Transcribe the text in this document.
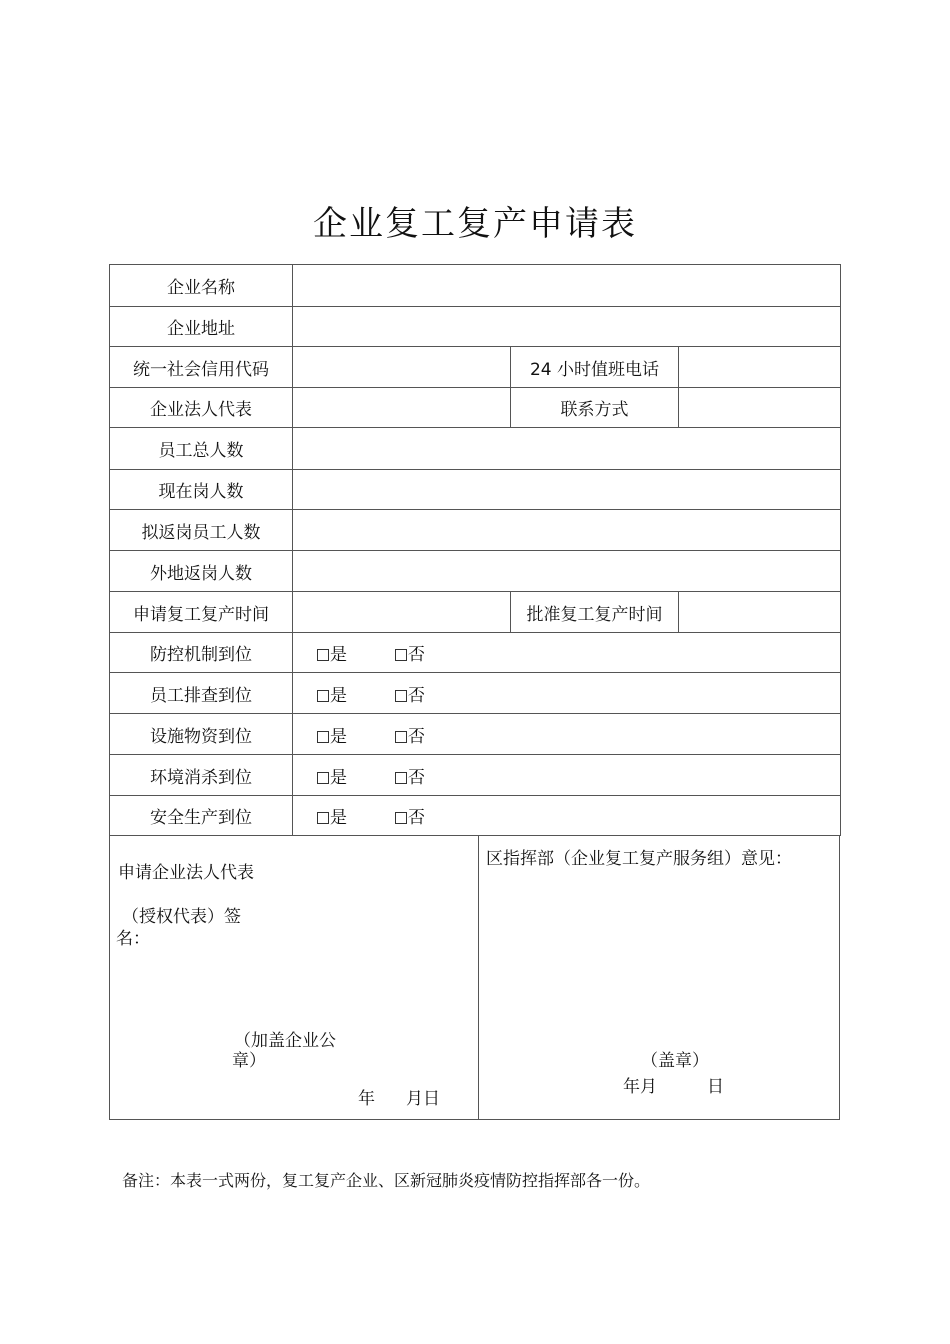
企业复工复产申请表
企业名称			
企业地址			
统一社会信用代码		24 小时值班电话	
企业法人代表		联系方式	
员工总人数			
现在岗人数			
拟返岗员工人数			
外地返岗人数			
申请复工复产时间		批准复工复产时间	
防控机制到位	是 否		
员工排查到位	是 否		
设施物资到位	是 否		
环境消杀到位	是 否		
安全生产到位	是 否		
申请企业法人代表
（授权代表）签
名：
（加盖企业公
章）
年 月日
区指挥部（企业复工复产服务组）意见：
（盖章）
年月	日
备注：本表一式两份，复工复产企业、区新冠肺炎疫情防控指挥部各一份。
